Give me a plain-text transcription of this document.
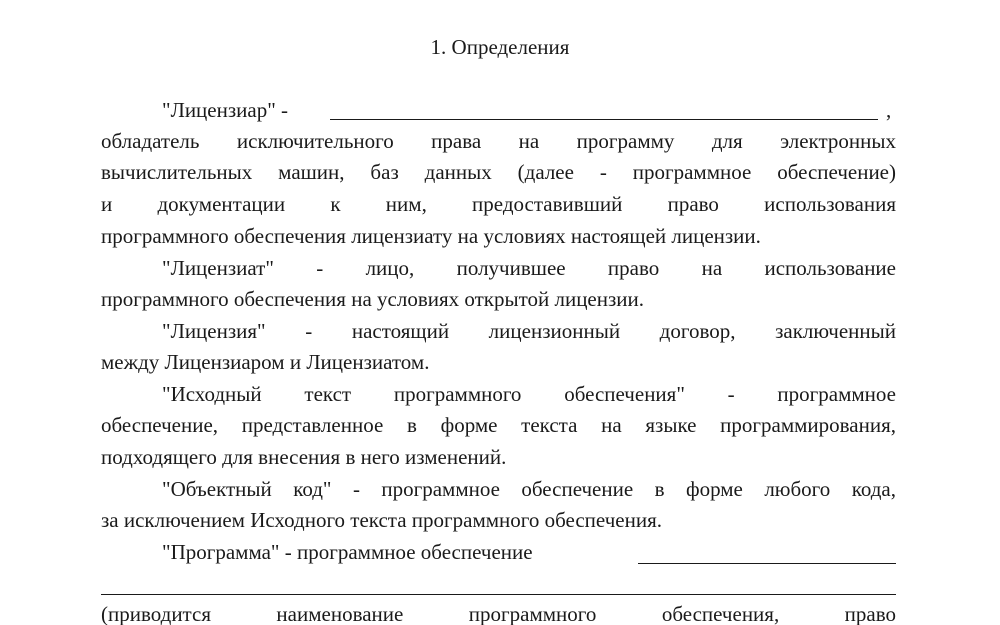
1. Определения
"Лицензиар" -	,
обладатель исключительного права на программу для электронных
вычислительных машин, баз данных (далее - программное обеспечение)
и документации к ним, предоставивший право использования
программного обеспечения лицензиату на условиях настоящей лицензии.
"Лицензиат" - лицо, получившее право на использование
программного обеспечения на условиях открытой лицензии.
"Лицензия" - настоящий лицензионный договор, заключенный
между Лицензиаром и Лицензиатом.
"Исходный текст программного обеспечения" - программное
обеспечение, представленное в форме текста на языке программирования,
подходящего для внесения в него изменений.
"Объектный код" - программное обеспечение в форме любого кода,
за исключением Исходного текста программного обеспечения.
"Программа" - программное обеспечение
(приводится наименование программного обеспечения, право
